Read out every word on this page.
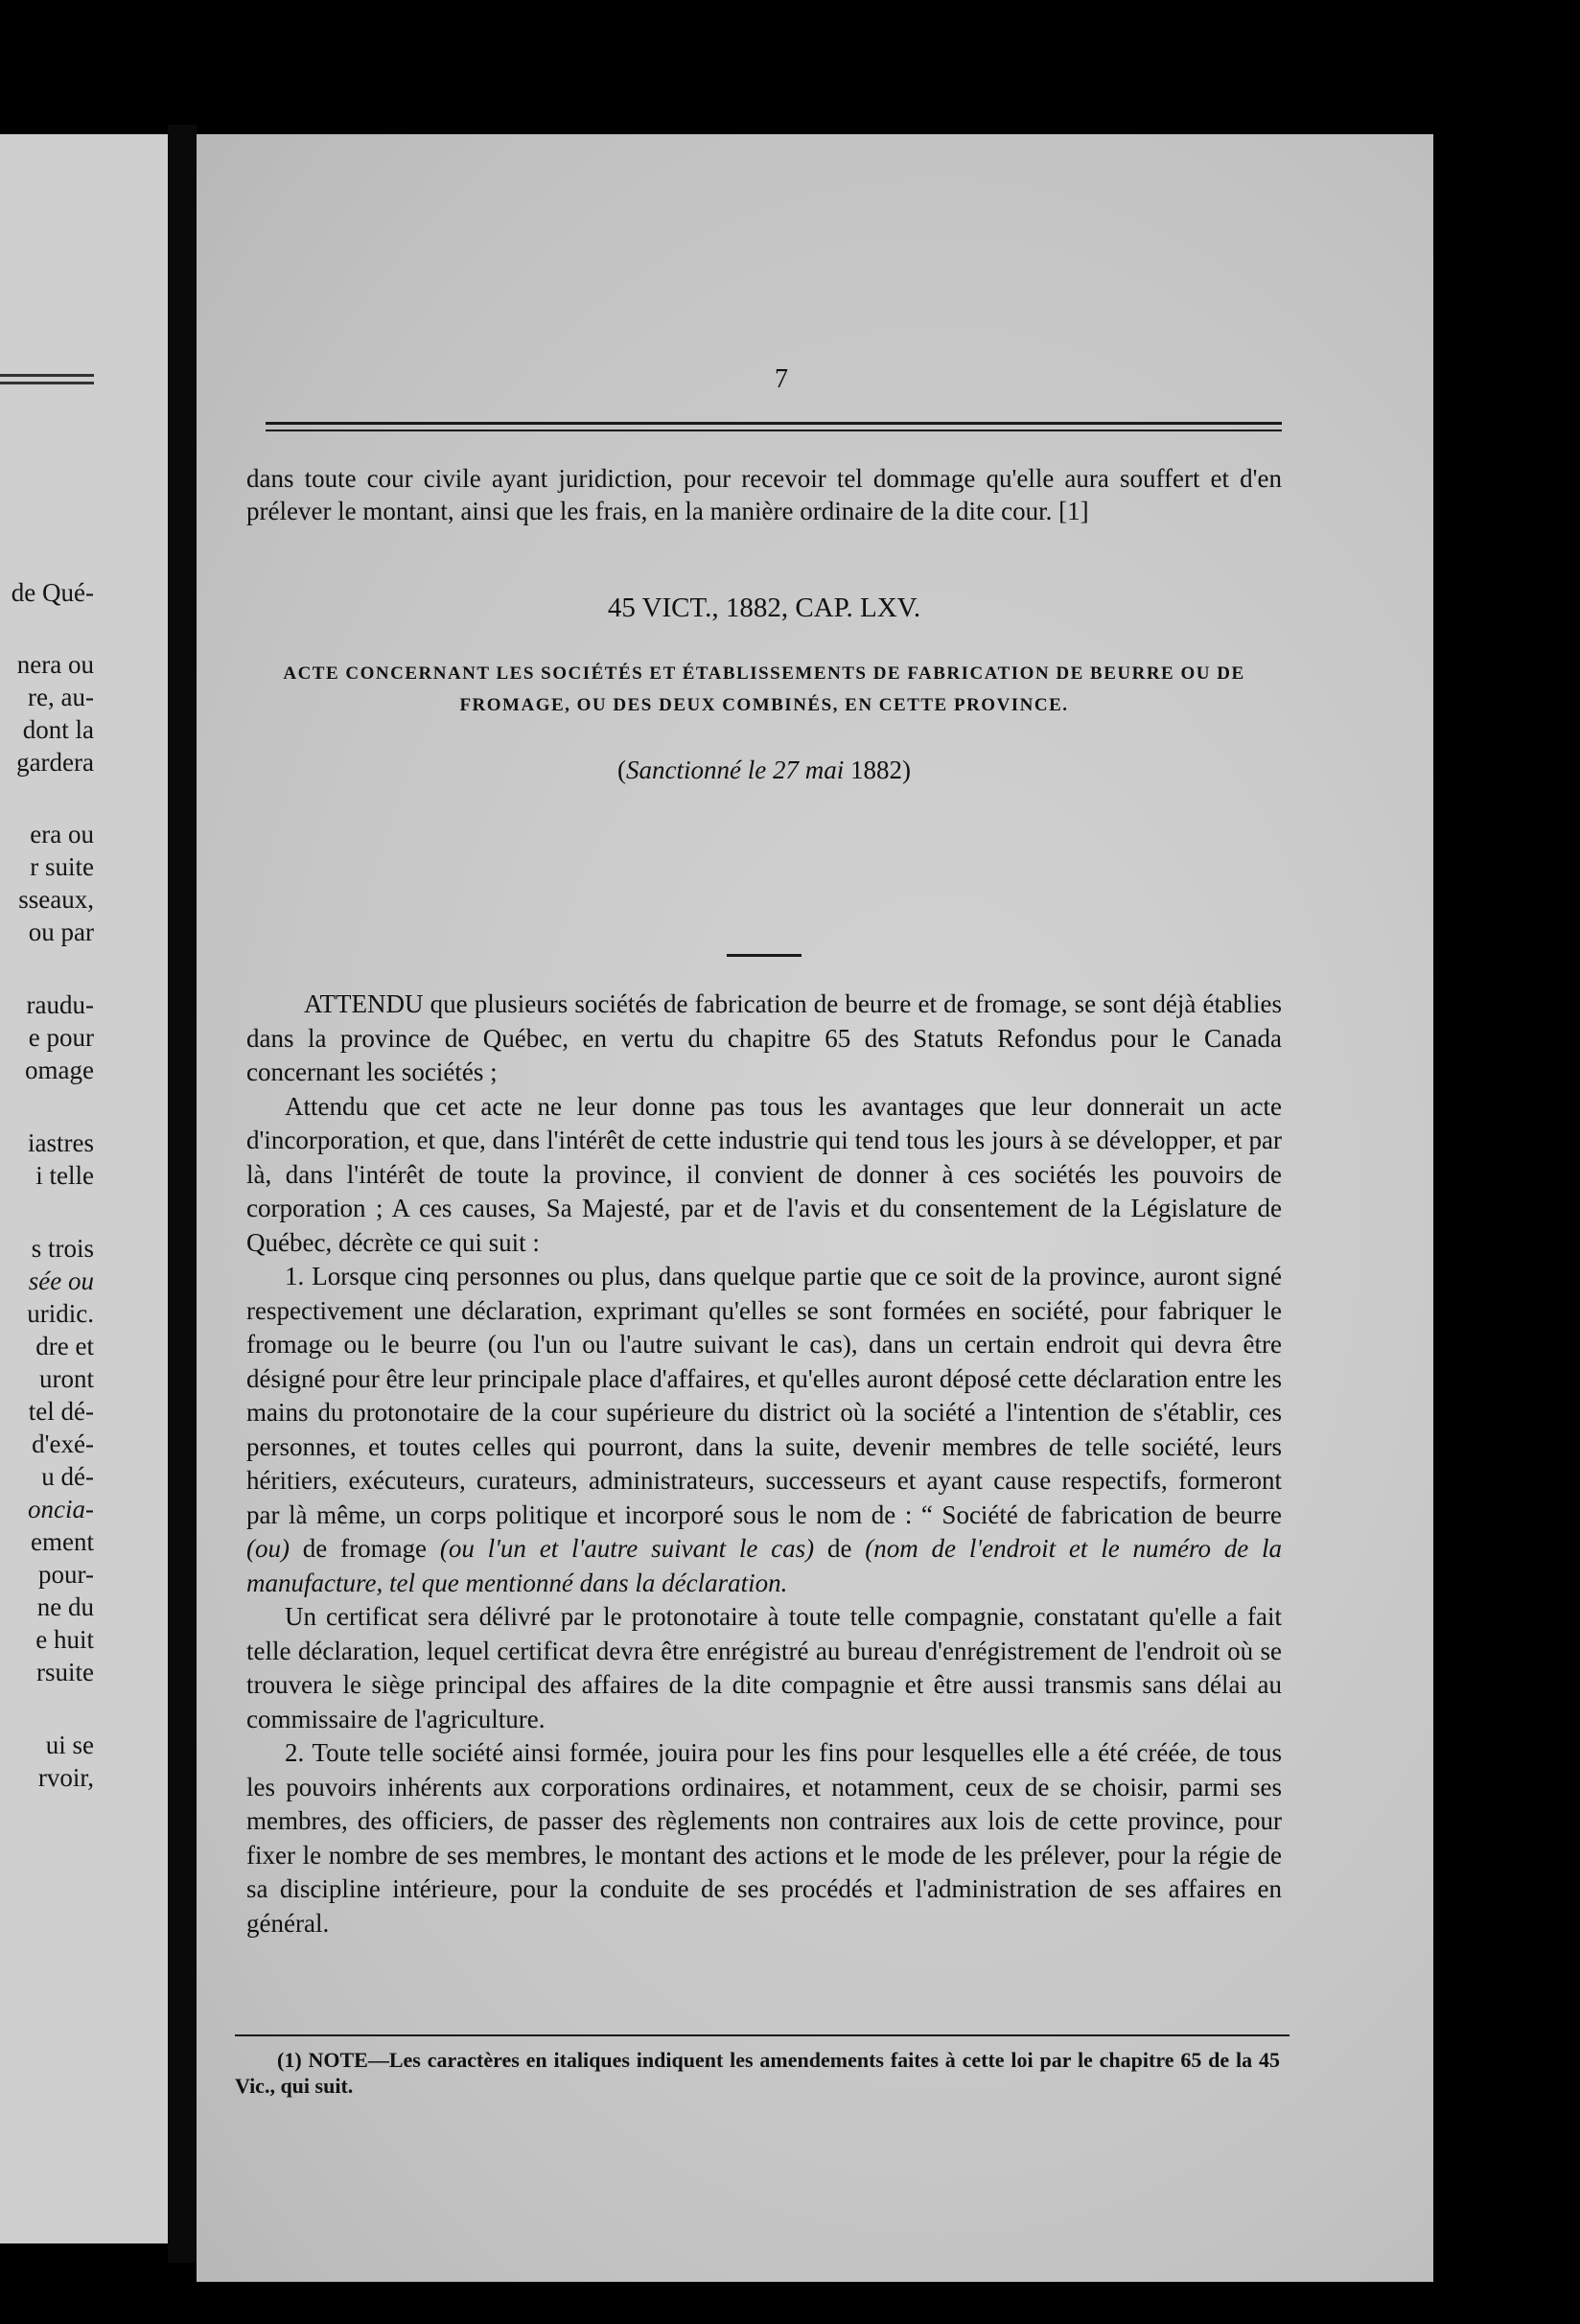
de Qué-
nera ou
re, au-
dont la
gardera
era ou
r suite
sseaux,
ou par
raudu-
e pour
omage
iastres
i telle
s trois
sée ou
uridic.
dre et
uront
tel dé-
d'exé-
u dé-
oncia-
ement
pour-
ne du
e huit
rsuite
ui se
rvoir,
7

dans toute cour civile ayant juridiction, pour recevoir tel dommage qu'elle aura souffert et d'en prélever le montant, ainsi que les frais, en la manière ordinaire de la dite cour. [1]

45 VICT., 1882, CAP. LXV.
ACTE CONCERNANT LES SOCIÉTÉS ET ÉTABLISSEMENTS DE FABRICATION DE BEURRE OU DE FROMAGE, OU DES DEUX COMBINÉS, EN CETTE PROVINCE.
(Sanctionné le 27 mai 1882)

ATTENDU que plusieurs sociétés de fabrication de beurre et de fromage, se sont déjà établies dans la province de Québec, en vertu du chapitre 65 des Statuts Refondus pour le Canada concernant les sociétés ;

Attendu que cet acte ne leur donne pas tous les avantages que leur donnerait un acte d'incorporation, et que, dans l'intérêt de cette industrie qui tend tous les jours à se développer, et par là, dans l'intérêt de toute la province, il convient de donner à ces sociétés les pouvoirs de corporation ; A ces causes, Sa Majesté, par et de l'avis et du consentement de la Législature de Québec, décrète ce qui suit :

1. Lorsque cinq personnes ou plus, dans quelque partie que ce soit de la province, auront signé respectivement une déclaration, exprimant qu'elles se sont formées en société, pour fabriquer le fromage ou le beurre (ou l'un ou l'autre suivant le cas), dans un certain endroit qui devra être désigné pour être leur principale place d'affaires, et qu'elles auront déposé cette déclaration entre les mains du protonotaire de la cour supérieure du district où la société a l'intention de s'établir, ces personnes, et toutes celles qui pourront, dans la suite, devenir membres de telle société, leurs héritiers, exécuteurs, curateurs, administrateurs, successeurs et ayant cause respectifs, formeront par là même, un corps politique et incorporé sous le nom de : “ Société de fabrication de beurre (ou) de fromage (ou l'un et l'autre suivant le cas) de (nom de l'endroit et le numéro de la manufacture, tel que mentionné dans la déclaration.

Un certificat sera délivré par le protonotaire à toute telle compagnie, constatant qu'elle a fait telle déclaration, lequel certificat devra être enrégistré au bureau d'enrégistrement de l'endroit où se trouvera le siège principal des affaires de la dite compagnie et être aussi transmis sans délai au commissaire de l'agriculture.

2. Toute telle société ainsi formée, jouira pour les fins pour lesquelles elle a été créée, de tous les pouvoirs inhérents aux corporations ordinaires, et notamment, ceux de se choisir, parmi ses membres, des officiers, de passer des règlements non contraires aux lois de cette province, pour fixer le nombre de ses membres, le montant des actions et le mode de les prélever, pour la régie de sa discipline intérieure, pour la conduite de ses procédés et l'administration de ses affaires en général.

(1) NOTE—Les caractères en italiques indiquent les amendements faites à cette loi par le chapitre 65 de la 45 Vic., qui suit.
